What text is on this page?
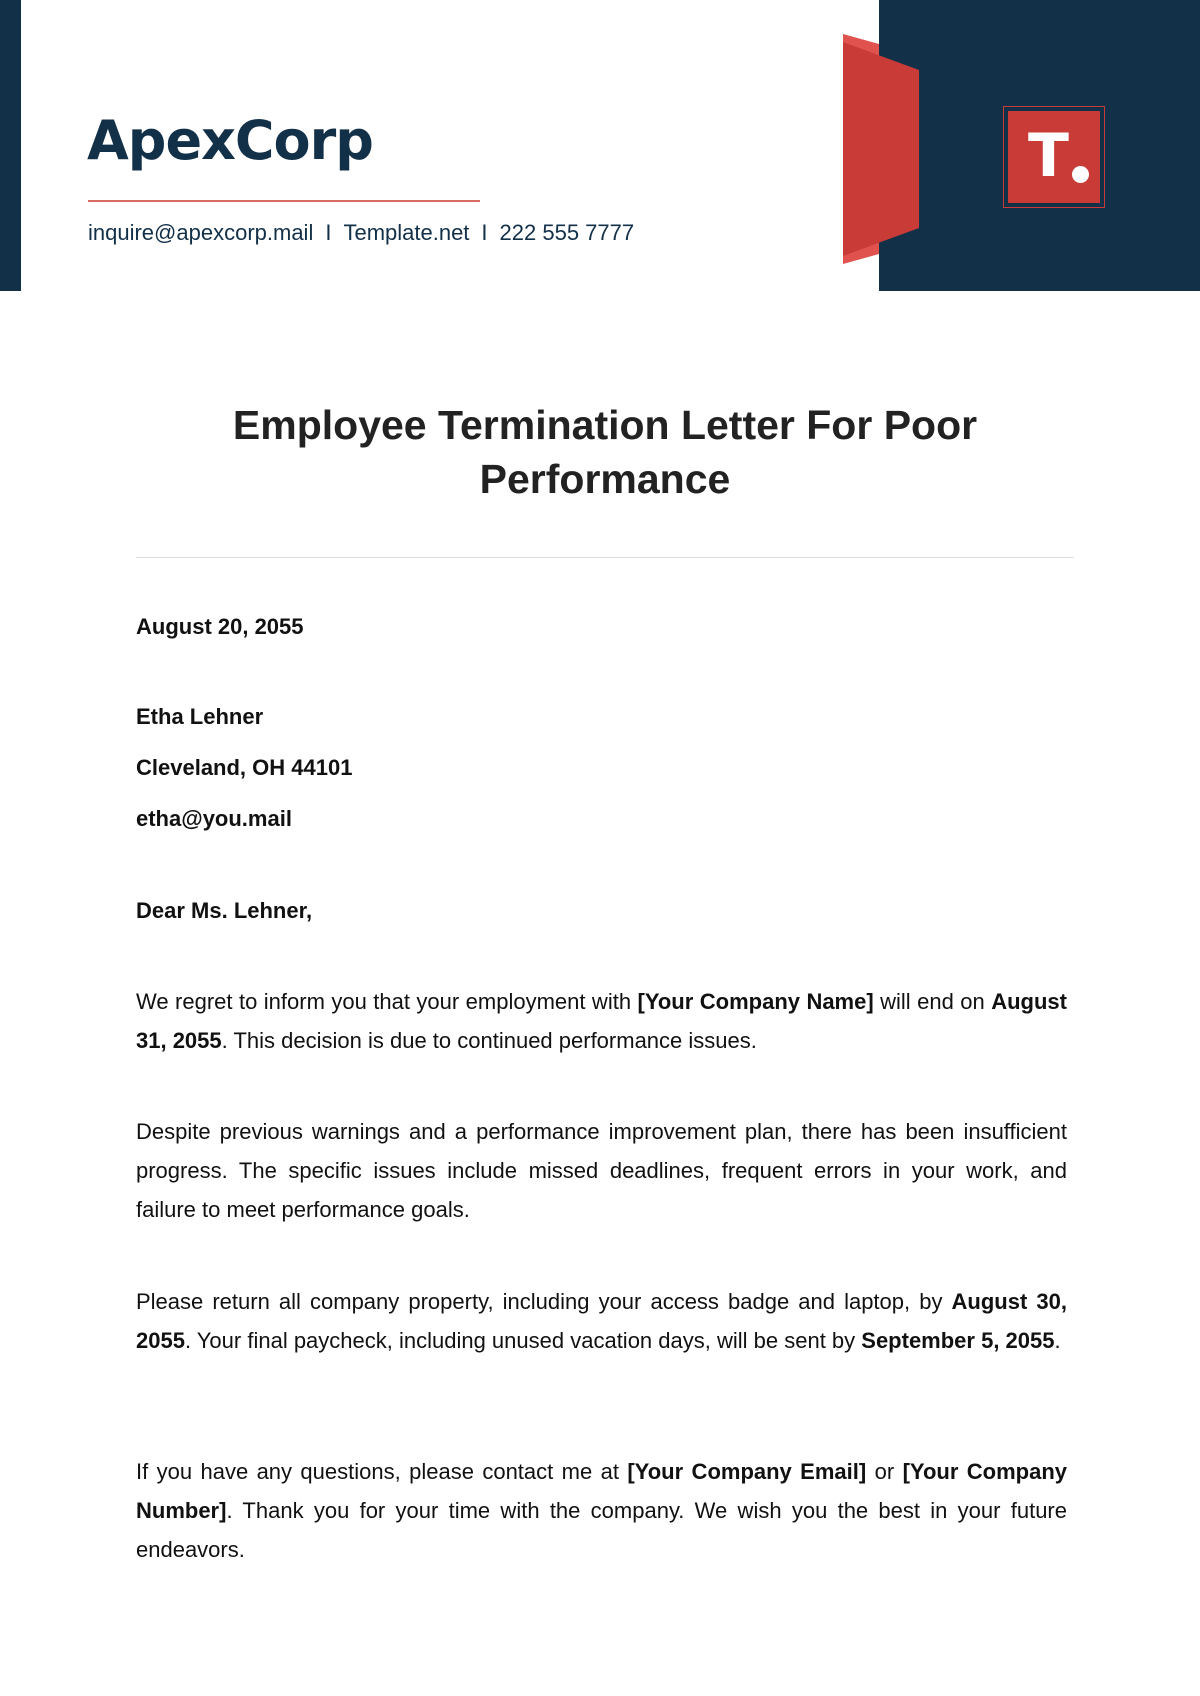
T
ApexCorp
inquire@apexcorp.mail I Template.net I 222 555 7777
Employee Termination Letter For Poor Performance
August 20, 2055
Etha Lehner
Cleveland, OH 44101
etha@you.mail
Dear Ms. Lehner,

We regret to inform you that your employment with [Your Company Name] will end on August 31, 2055. This decision is due to continued performance issues.

Despite previous warnings and a performance improvement plan, there has been insufficient progress. The specific issues include missed deadlines, frequent errors in your work, and failure to meet performance goals.

Please return all company property, including your access badge and laptop, by August 30, 2055. Your final paycheck, including unused vacation days, will be sent by September 5, 2055.

If you have any questions, please contact me at [Your Company Email] or [Your Company Number]. Thank you for your time with the company. We wish you the best in your future endeavors.
